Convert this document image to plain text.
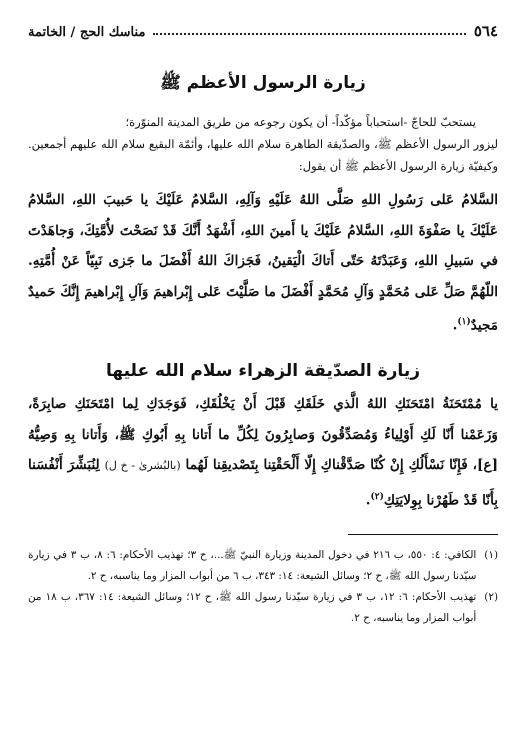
٥٦٤
مناسك الحج / الخاتمة
زيارة الرسول الأعظم ﷺ

يستحبّ للحاجّ -استحباباً مؤكّداً- أن يكون رجوعه من طريق المدينة المنوّرة؛

ليزور الرسول الأعظم ﷺ، والصدّيقة الطاهرة سلام الله عليها، وأئمّة البقيع سلام الله عليهم أجمعين. وكيفيّة زيارة الرسول الأعظم ﷺ أن يقول:

السَّلامُ عَلى رَسُولِ اللهِ صَلَّى اللهُ عَلَيْهِ وَآلِهِ، السَّلامُ عَلَيْكَ يا حَبيبَ اللهِ، السَّلامُ عَلَيْكَ يا صَفْوَةَ اللهِ، السَّلامُ عَلَيْكَ يا أَمينَ اللهِ، أَشْهَدُ أَنَّكَ قَدْ نَصَحْتَ لأُمَّتِكَ، وَجاهَدْتَ في سَبيلِ اللهِ، وَعَبَدْتَهُ حَتّى أَتاكَ الْيَقينُ، فَجَزاكَ اللهُ أَفْضَلَ ما جَزى نَبِيّاً عَنْ أُمَّتِهِ. اللّهُمَّ صَلِّ عَلى مُحَمَّدٍ وَآلِ مُحَمَّدٍ أَفْضَلَ ما صَلَّيْتَ عَلى إِبْراهيمَ وَآلِ إِبْراهيمَ إِنَّكَ حَميدٌ مَجيدٌ$^{(١)}$.

زيارة الصدّيقة الزهراء سلام الله عليها

يا مُمْتَحَنَةُ امْتَحَنَكِ اللهُ الَّذي خَلَقَكِ قَبْلَ أَنْ يَخْلُقَكِ، فَوَجَدَكِ لِما امْتَحَنَكِ صابِرَةً، وَزَعَمْنا أَنّا لَكِ أَوْلِياءُ وَمُصَدِّقُونَ وَصابِرُونَ لِكُلِّ ما أَتانا بِهِ أَبُوكِ ﷺ، وَأَتانا بِهِ وَصِيُّهُ [ع]، فَإِنّا نَسْأَلُكِ إِنْ كُنّا صَدَّقْناكِ إِلّا أَلْحَقْتِنا بِتَصْديقِنا لَهُما (بالبُشرىٰ - خ ل) لِنُبَشِّرَ أَنْفُسَنا بِأَنّا قَدْ طَهُرْنا بِوِلايَتِكِ$^{(٢)}$.

(١)
الكافي: ٤: ٥٥٠، ب ٢١٦ في دخول المدينة وزيارة النبيّ ﷺ...، ح ٣؛ تهذيب الأحكام: ٦: ٨، ب ٣ في زيارة سيّدنا رسول الله ﷺ، ح ٢؛ وسائل الشيعة: ١٤: ٣٤٣، ب ٦ من أبواب المزار وما يناسبه، ح ٢.
(٢)
تهذيب الأحكام: ٦: ١٢، ب ٣ في زيارة سيّدنا رسول الله ﷺ، ح ١٢؛ وسائل الشيعة: ١٤: ٣٦٧، ب ١٨ من أبواب المزار وما يناسبه، ح ٢.
